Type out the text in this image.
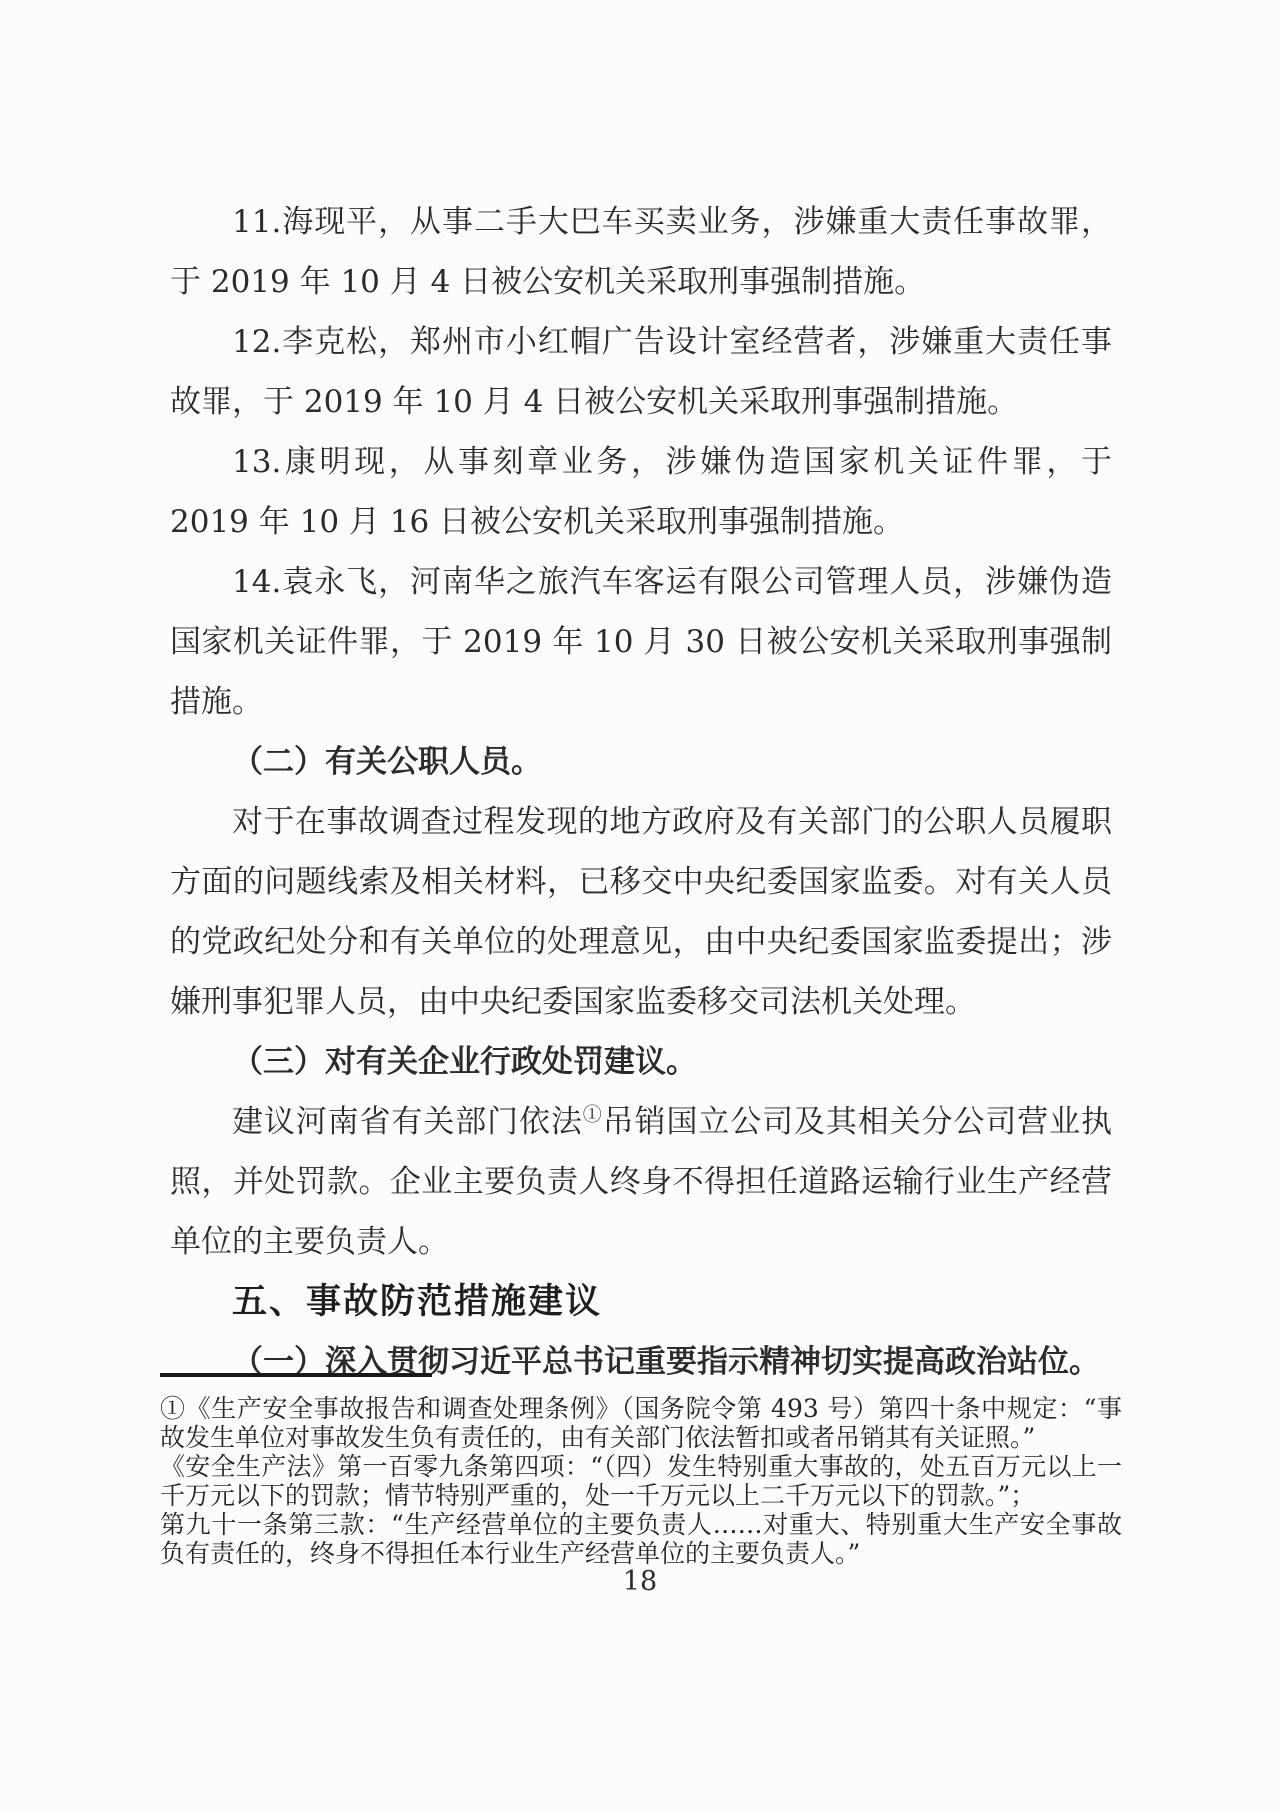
11.海现平，从事二手大巴车买卖业务，涉嫌重大责任事故罪，于 2019 年 10 月 4 日被公安机关采取刑事强制措施。

12.李克松，郑州市小红帽广告设计室经营者，涉嫌重大责任事故罪，于 2019 年 10 月 4 日被公安机关采取刑事强制措施。

13.康明现，从事刻章业务，涉嫌伪造国家机关证件罪，于 2019 年 10 月 16 日被公安机关采取刑事强制措施。

14.袁永飞，河南华之旅汽车客运有限公司管理人员，涉嫌伪造国家机关证件罪，于 2019 年 10 月 30 日被公安机关采取刑事强制措施。

（二）有关公职人员。

对于在事故调查过程发现的地方政府及有关部门的公职人员履职方面的问题线索及相关材料，已移交中央纪委国家监委。对有关人员的党政纪处分和有关单位的处理意见，由中央纪委国家监委提出；涉嫌刑事犯罪人员，由中央纪委国家监委移交司法机关处理。

（三）对有关企业行政处罚建议。

建议河南省有关部门依法①吊销国立公司及其相关分公司营业执照，并处罚款。企业主要负责人终身不得担任道路运输行业生产经营单位的主要负责人。

五、事故防范措施建议

（一）深入贯彻习近平总书记重要指示精神切实提高政治站位。

①《生产安全事故报告和调查处理条例》（国务院令第 493 号）第四十条中规定：“事故发生单位对事故发生负有责任的，由有关部门依法暂扣或者吊销其有关证照。”

《安全生产法》第一百零九条第四项：“（四）发生特别重大事故的，处五百万元以上一千万元以下的罚款；情节特别严重的，处一千万元以上二千万元以下的罚款。”；

第九十一条第三款：“生产经营单位的主要负责人……对重大、特别重大生产安全事故负有责任的，终身不得担任本行业生产经营单位的主要负责人。”

18
